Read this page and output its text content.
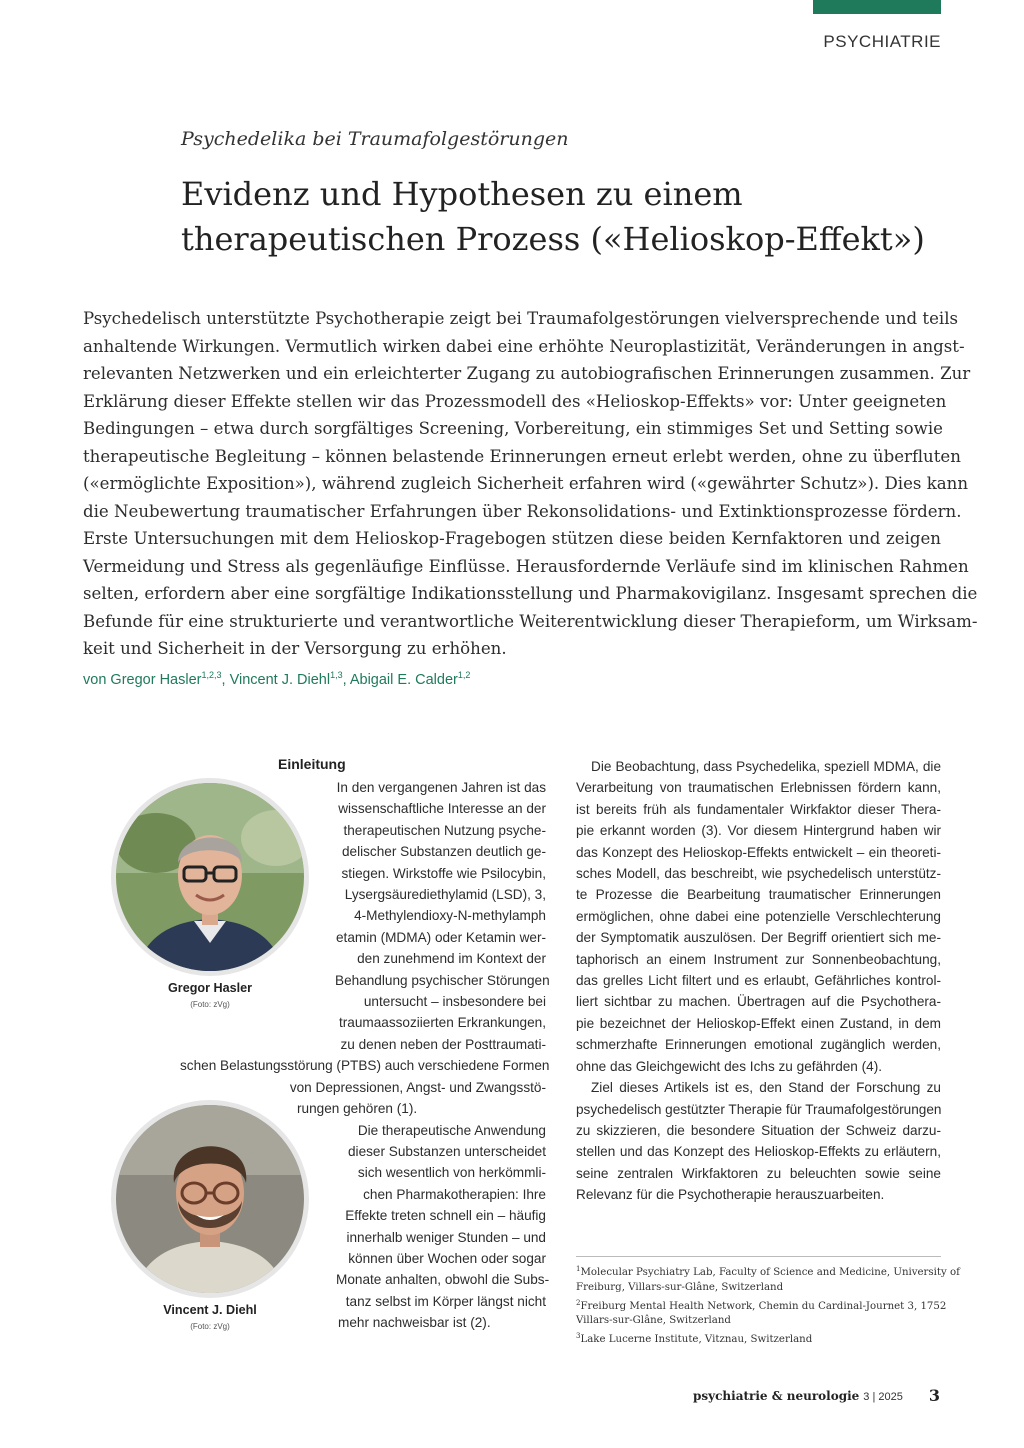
PSYCHIATRIE
Psychedelika bei Traumafolgestörungen
Evidenz und Hypothesen zu einem
therapeutischen Prozess («Helioskop-Effekt»)
Psychedelisch unterstützte Psychotherapie zeigt bei Traumafolgestörungen vielversprechende und teils
anhaltende Wirkungen. Vermutlich wirken dabei eine erhöhte Neuroplastizität, Veränderungen in angst-
relevanten Netzwerken und ein erleichterter Zugang zu autobiografischen Erinnerungen zusammen. Zur
Erklärung dieser Effekte stellen wir das Prozessmodell des «Helioskop-Effekts» vor: Unter geeigneten
Bedingungen – etwa durch sorgfältiges Screening, Vorbereitung, ein stimmiges Set und Setting sowie
therapeutische Begleitung – können belastende Erinnerungen erneut erlebt werden, ohne zu überfluten
(«ermöglichte Exposition»), während zugleich Sicherheit erfahren wird («gewährter Schutz»). Dies kann
die Neubewertung traumatischer Erfahrungen über Rekonsolidations- und Extinktionsprozesse fördern.
Erste Untersuchungen mit dem Helioskop-Fragebogen stützen diese beiden Kernfaktoren und zeigen
Vermeidung und Stress als gegenläufige Einflüsse. Herausfordernde Verläufe sind im klinischen Rahmen
selten, erfordern aber eine sorgfältige Indikationsstellung und Pharmakovigilanz. Insgesamt sprechen die
Befunde für eine strukturierte und verantwortliche Weiterentwicklung dieser Therapieform, um Wirksam-
keit und Sicherheit in der Versorgung zu erhöhen.
von Gregor Hasler$^{1,2,3}$, Vincent J. Diehl$^{1,3}$, Abigail E. Calder$^{1,2}$
Gregor Hasler
(Foto: zVg)
Vincent J. Diehl
(Foto: zVg)
Einleitung
In den vergangenen Jahren ist das
wissenschaftliche Interesse an der
therapeutischen Nutzung psyche-
delischer Substanzen deutlich ge-
stiegen. Wirkstoffe wie Psilocybin,
Lysergsäurediethylamid (LSD), 3,
4-Methylendioxy-N-methylamph
etamin (MDMA) oder Ketamin wer-
den zunehmend im Kontext der
Behandlung psychischer Störungen
untersucht – insbesondere bei
traumaassoziierten Erkrankungen,
zu denen neben der Posttraumati-
schen Belastungsstörung (PTBS) auch verschiedene Formen
von Depressionen, Angst- und Zwangsstö-
rungen gehören (1).
Die therapeutische Anwendung
dieser Substanzen unterscheidet
sich wesentlich von herkömmli-
chen Pharmakotherapien: Ihre
Effekte treten schnell ein – häufig
innerhalb weniger Stunden – und
können über Wochen oder sogar
Monate anhalten, obwohl die Subs-
tanz selbst im Körper längst nicht
mehr nachweisbar ist (2).
Die Beobachtung, dass Psychedelika, speziell MDMA, die
Verarbeitung von traumatischen Erlebnissen fördern kann,
ist bereits früh als fundamentaler Wirkfaktor dieser Thera-
pie erkannt worden (3). Vor diesem Hintergrund haben wir
das Konzept des Helioskop-Effekts entwickelt – ein theoreti-
sches Modell, das beschreibt, wie psychedelisch unterstütz-
te Prozesse die Bearbeitung traumatischer Erinnerungen
ermöglichen, ohne dabei eine potenzielle Verschlechterung
der Symptomatik auszulösen. Der Begriff orientiert sich me-
taphorisch an einem Instrument zur Sonnenbeobachtung,
das grelles Licht filtert und es erlaubt, Gefährliches kontrol-
liert sichtbar zu machen. Übertragen auf die Psychothera-
pie bezeichnet der Helioskop-Effekt einen Zustand, in dem
schmerzhafte Erinnerungen emotional zugänglich werden,
ohne das Gleichgewicht des Ichs zu gefährden (4).
Ziel dieses Artikels ist es, den Stand der Forschung zu
psychedelisch gestützter Therapie für Traumafolgestörungen
zu skizzieren, die besondere Situation der Schweiz darzu-
stellen und das Konzept des Helioskop-Effekts zu erläutern,
seine zentralen Wirkfaktoren zu beleuchten sowie seine
Relevanz für die Psychotherapie herauszuarbeiten.
$^1$Molecular Psychiatry Lab, Faculty of Science and Medicine, University of
Freiburg, Villars-sur-Glâne, Switzerland
$^2$Freiburg Mental Health Network, Chemin du Cardinal-Journet 3, 1752
Villars-sur-Glâne, Switzerland
$^3$Lake Lucerne Institute, Vitznau, Switzerland
psychiatrie & neurologie 3 | 2025 3
